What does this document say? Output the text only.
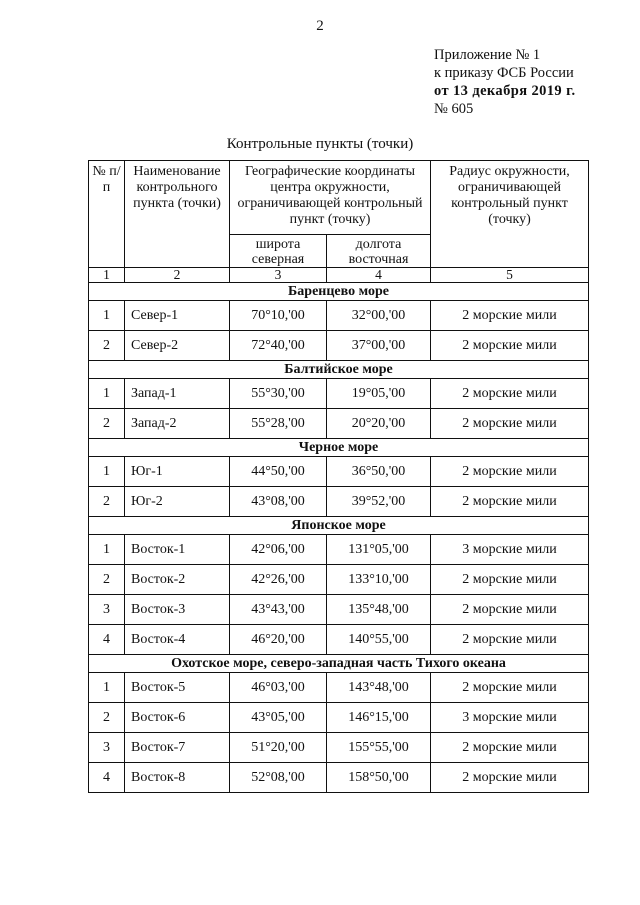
2
Приложение № 1
к приказу ФСБ России
от 13 декабря 2019 г.
№ 605
Контрольные пункты (точки)
№ п/п	Наименование контрольного пункта (точки)	Географические координаты центра окружности, ограничивающей контрольный пункт (точку)		Радиус окружности, ограничивающей контрольный пункт (точку)
		широта северная	долгота восточная	
1	2	3	4	5
Баренцево море				
1	Север-1	70°10,'00	32°00,'00	2 морские мили
2	Север-2	72°40,'00	37°00,'00	2 морские мили
Балтийское море				
1	Запад-1	55°30,'00	19°05,'00	2 морские мили
2	Запад-2	55°28,'00	20°20,'00	2 морские мили
Черное море				
1	Юг-1	44°50,'00	36°50,'00	2 морские мили
2	Юг-2	43°08,'00	39°52,'00	2 морские мили
Японское море				
1	Восток-1	42°06,'00	131°05,'00	3 морские мили
2	Восток-2	42°26,'00	133°10,'00	2 морские мили
3	Восток-3	43°43,'00	135°48,'00	2 морские мили
4	Восток-4	46°20,'00	140°55,'00	2 морские мили
Охотское море, северо-западная часть Тихого океана				
1	Восток-5	46°03,'00	143°48,'00	2 морские мили
2	Восток-6	43°05,'00	146°15,'00	3 морские мили
3	Восток-7	51°20,'00	155°55,'00	2 морские мили
4	Восток-8	52°08,'00	158°50,'00	2 морские мили
